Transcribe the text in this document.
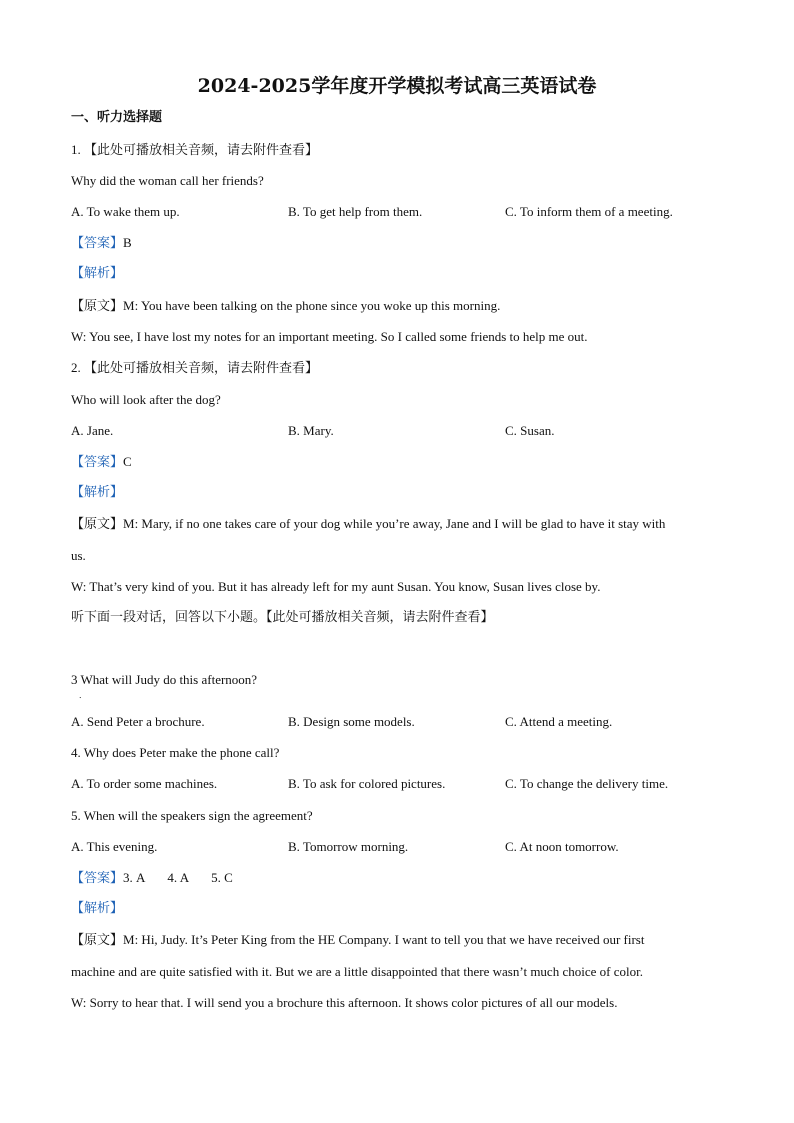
2024-2025学年度开学模拟考试高三英语试卷
一、听力选择题
1. 【此处可播放相关音频，请去附件查看】
Why did the woman call her friends?
A. To wake them up.	B. To get help from them.	C. To inform them of a meeting.
【答案】B
【解析】
【原文】M: You have been talking on the phone since you woke up this morning.
W: You see, I have lost my notes for an important meeting. So I called some friends to help me out.
2. 【此处可播放相关音频，请去附件查看】
Who will look after the dog?
A. Jane.	B. Mary.	C. Susan.
【答案】C
【解析】
【原文】M: Mary, if no one takes care of your dog while you’re away, Jane and I will be glad to have it stay with
us.
W: That’s very kind of you. But it has already left for my aunt Susan. You know, Susan lives close by.
听下面一段对话，回答以下小题。【此处可播放相关音频，请去附件查看】
3 What will Judy do this afternoon?
．
A. Send Peter a brochure.	B. Design some models.	C. Attend a meeting.
4. Why does Peter make the phone call?
A. To order some machines.	B. To ask for colored pictures.	C. To change the delivery time.
5. When will the speakers sign the agreement?
A. This evening.	B. Tomorrow morning.	C. At noon tomorrow.
【答案】3. A       4. A       5. C
【解析】
【原文】M: Hi, Judy. It’s Peter King from the HE Company. I want to tell you that we have received our first
machine and are quite satisfied with it. But we are a little disappointed that there wasn’t much choice of color.
W: Sorry to hear that. I will send you a brochure this afternoon. It shows color pictures of all our models.
